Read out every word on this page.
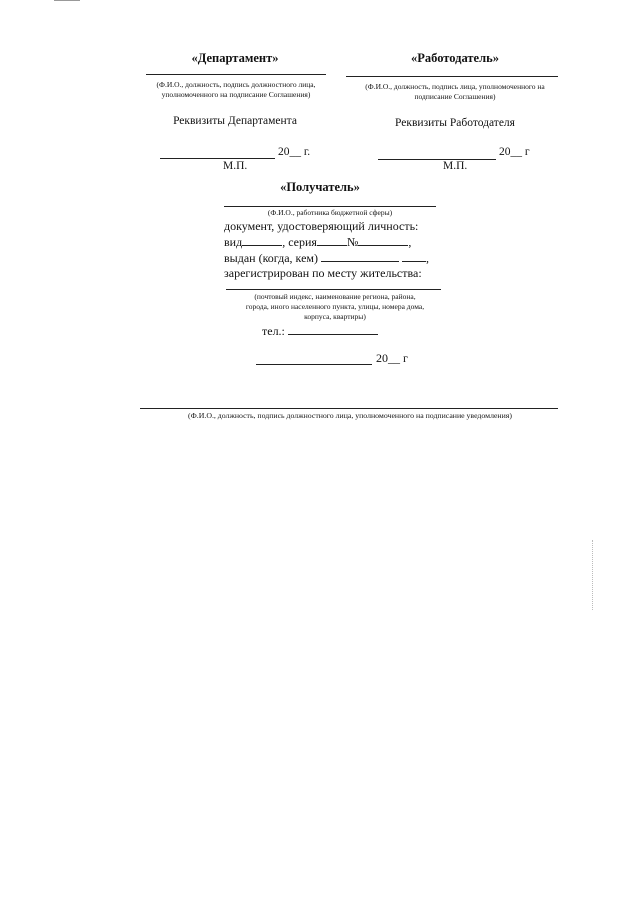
«Департамент»
(Ф.И.О., должность, подпись должностного лица,
уполномоченного на подписание Соглашения)
Реквизиты Департамента
20__ г.
М.П.
«Работодатель»
(Ф.И.О., должность, подпись лица, уполномоченного на
подписание Соглашения)
Реквизиты Работодателя
20__ г
М.П.
«Получатель»
(Ф.И.О., работника бюджетной сферы)
документ, удостоверяющий личность:
вид	, серия	№	,
выдан (когда, кем)	,
зарегистрирован по месту жительства:
(почтовый индекс, наименование региона, района,
города, иного населенного пункта, улицы, номера дома,
корпуса, квартиры)
тел.:
20__ г
(Ф.И.О., должность, подпись должностного лица, уполномоченного на подписание уведомления)
